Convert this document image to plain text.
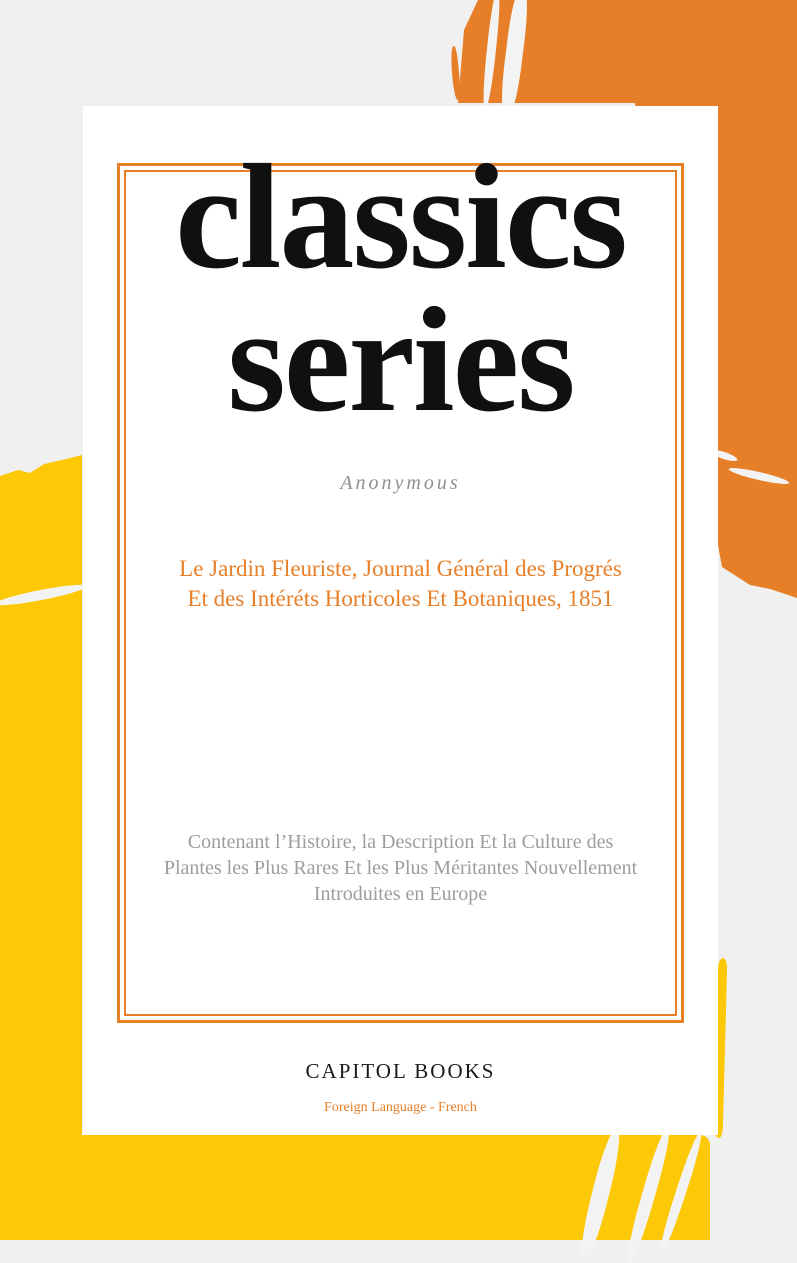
classics
series
Anonymous
Le Jardin Fleuriste, Journal Général des Progrés
Et des Intéréts Horticoles Et Botaniques, 1851
Contenant l’Histoire, la Description Et la Culture des
Plantes les Plus Rares Et les Plus Méritantes Nouvellement
Introduites en Europe
CAPITOL BOOKS
Foreign Language - French
